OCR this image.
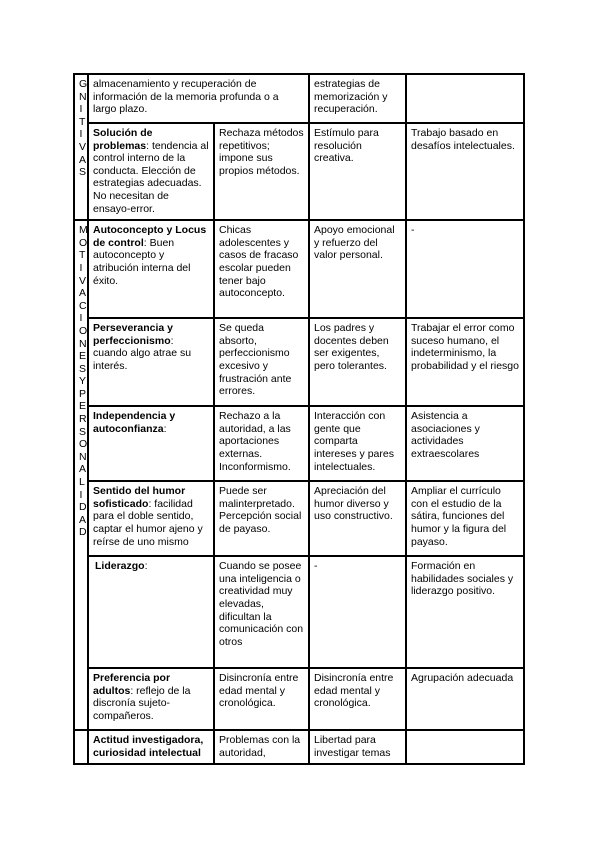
GNITIVAS	almacenamiento y recuperación de información de la memoria profunda o a largo plazo.		estrategias de memorización y recuperación.	
	Solución de problemas: tendencia al control interno de la conducta. Elección de estrategias adecuadas. No necesitan de ensayo-error.	Rechaza métodos repetitivos; impone sus propios métodos.	Estímulo para resolución creativa.	Trabajo basado en desafíos intelectuales.

MOTIVACIONES Y PERSONALIDAD	Autoconcepto y Locus de control: Buen autoconcepto y atribución interna del éxito.	Chicas adolescentes y casos de fracaso escolar pueden tener bajo autoconcepto.	Apoyo emocional y refuerzo del valor personal.	-
	Perseverancia y perfeccionismo: cuando algo atrae su interés.	Se queda absorto, perfeccionismo excesivo y frustración ante errores.	Los padres y docentes deben ser exigentes, pero tolerantes.	Trabajar el error como suceso humano, el indeterminismo, la probabilidad y el riesgo
	Independencia y autoconfianza:	Rechazo a la autoridad, a las aportaciones externas. Inconformismo.	Interacción con gente que comparta intereses y pares intelectuales.	Asistencia a asociaciones y actividades extraescolares
	Sentido del humor sofisticado: facilidad para el doble sentido, captar el humor ajeno y reírse de uno mismo	Puede ser malinterpretado. Percepción social de payaso.	Apreciación del humor diverso y uso constructivo.	Ampliar el currículo con el estudio de la sátira, funciones del humor y la figura del payaso.
	Liderazgo:	Cuando se posee una inteligencia o creatividad muy elevadas, dificultan la comunicación con otros	-	Formación en habilidades sociales y liderazgo positivo.
	Preferencia por adultos: reflejo de la discronía sujeto-compañeros.	Disincronía entre edad mental y cronológica.	Disincronía entre edad mental y cronológica.	Agrupación adecuada
	Actitud investigadora, curiosidad intelectual	Problemas con la autoridad,	Libertad para investigar temas	
